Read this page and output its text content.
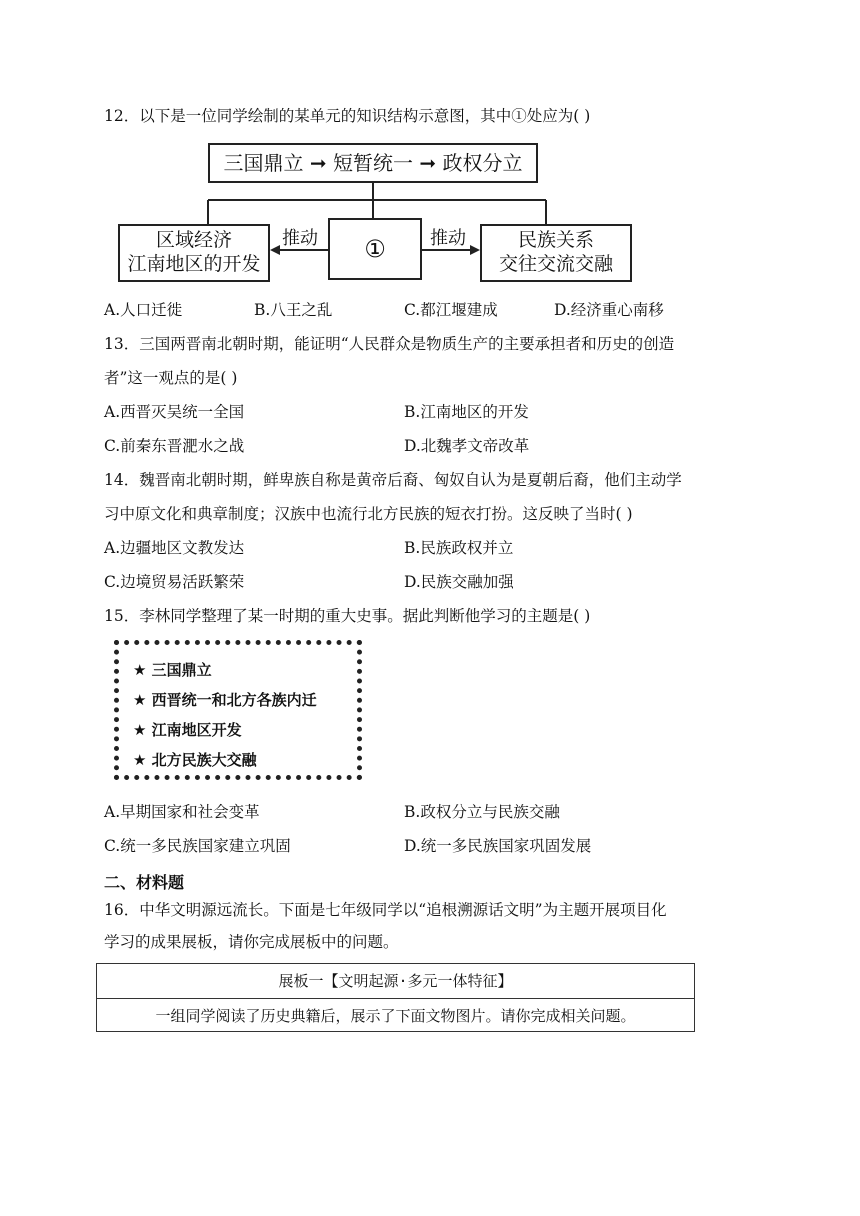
12．以下是一位同学绘制的某单元的知识结构示意图，其中①处应为( )
三国鼎立 ➞ 短暂统一 ➞ 政权分立
区域经济
江南地区的开发
①	民族关系
交往交流交融
推动	推动
A.人口迁徙	B.八王之乱	C.都江堰建成	D.经济重心南移
13．三国两晋南北朝时期，能证明“人民群众是物质生产的主要承担者和历史的创造
者”这一观点的是( )
A.西晋灭吴统一全国	B.江南地区的开发
C.前秦东晋淝水之战	D.北魏孝文帝改革
14．魏晋南北朝时期，鲜卑族自称是黄帝后裔、匈奴自认为是夏朝后裔，他们主动学
习中原文化和典章制度；汉族中也流行北方民族的短衣打扮。这反映了当时( )
A.边疆地区文教发达	B.民族政权并立
C.边境贸易活跃繁荣	D.民族交融加强
15．李林同学整理了某一时期的重大史事。据此判断他学习的主题是( )
★ 三国鼎立
★ 西晋统一和北方各族内迁
★ 江南地区开发
★ 北方民族大交融
A.早期国家和社会变革	B.政权分立与民族交融
C.统一多民族国家建立巩固	D.统一多民族国家巩固发展
二、材料题
16．中华文明源远流长。下面是七年级同学以“追根溯源话文明”为主题开展项目化
学习的成果展板，请你完成展板中的问题。
展板一【文明起源·多元一体特征】
一组同学阅读了历史典籍后，展示了下面文物图片。请你完成相关问题。
